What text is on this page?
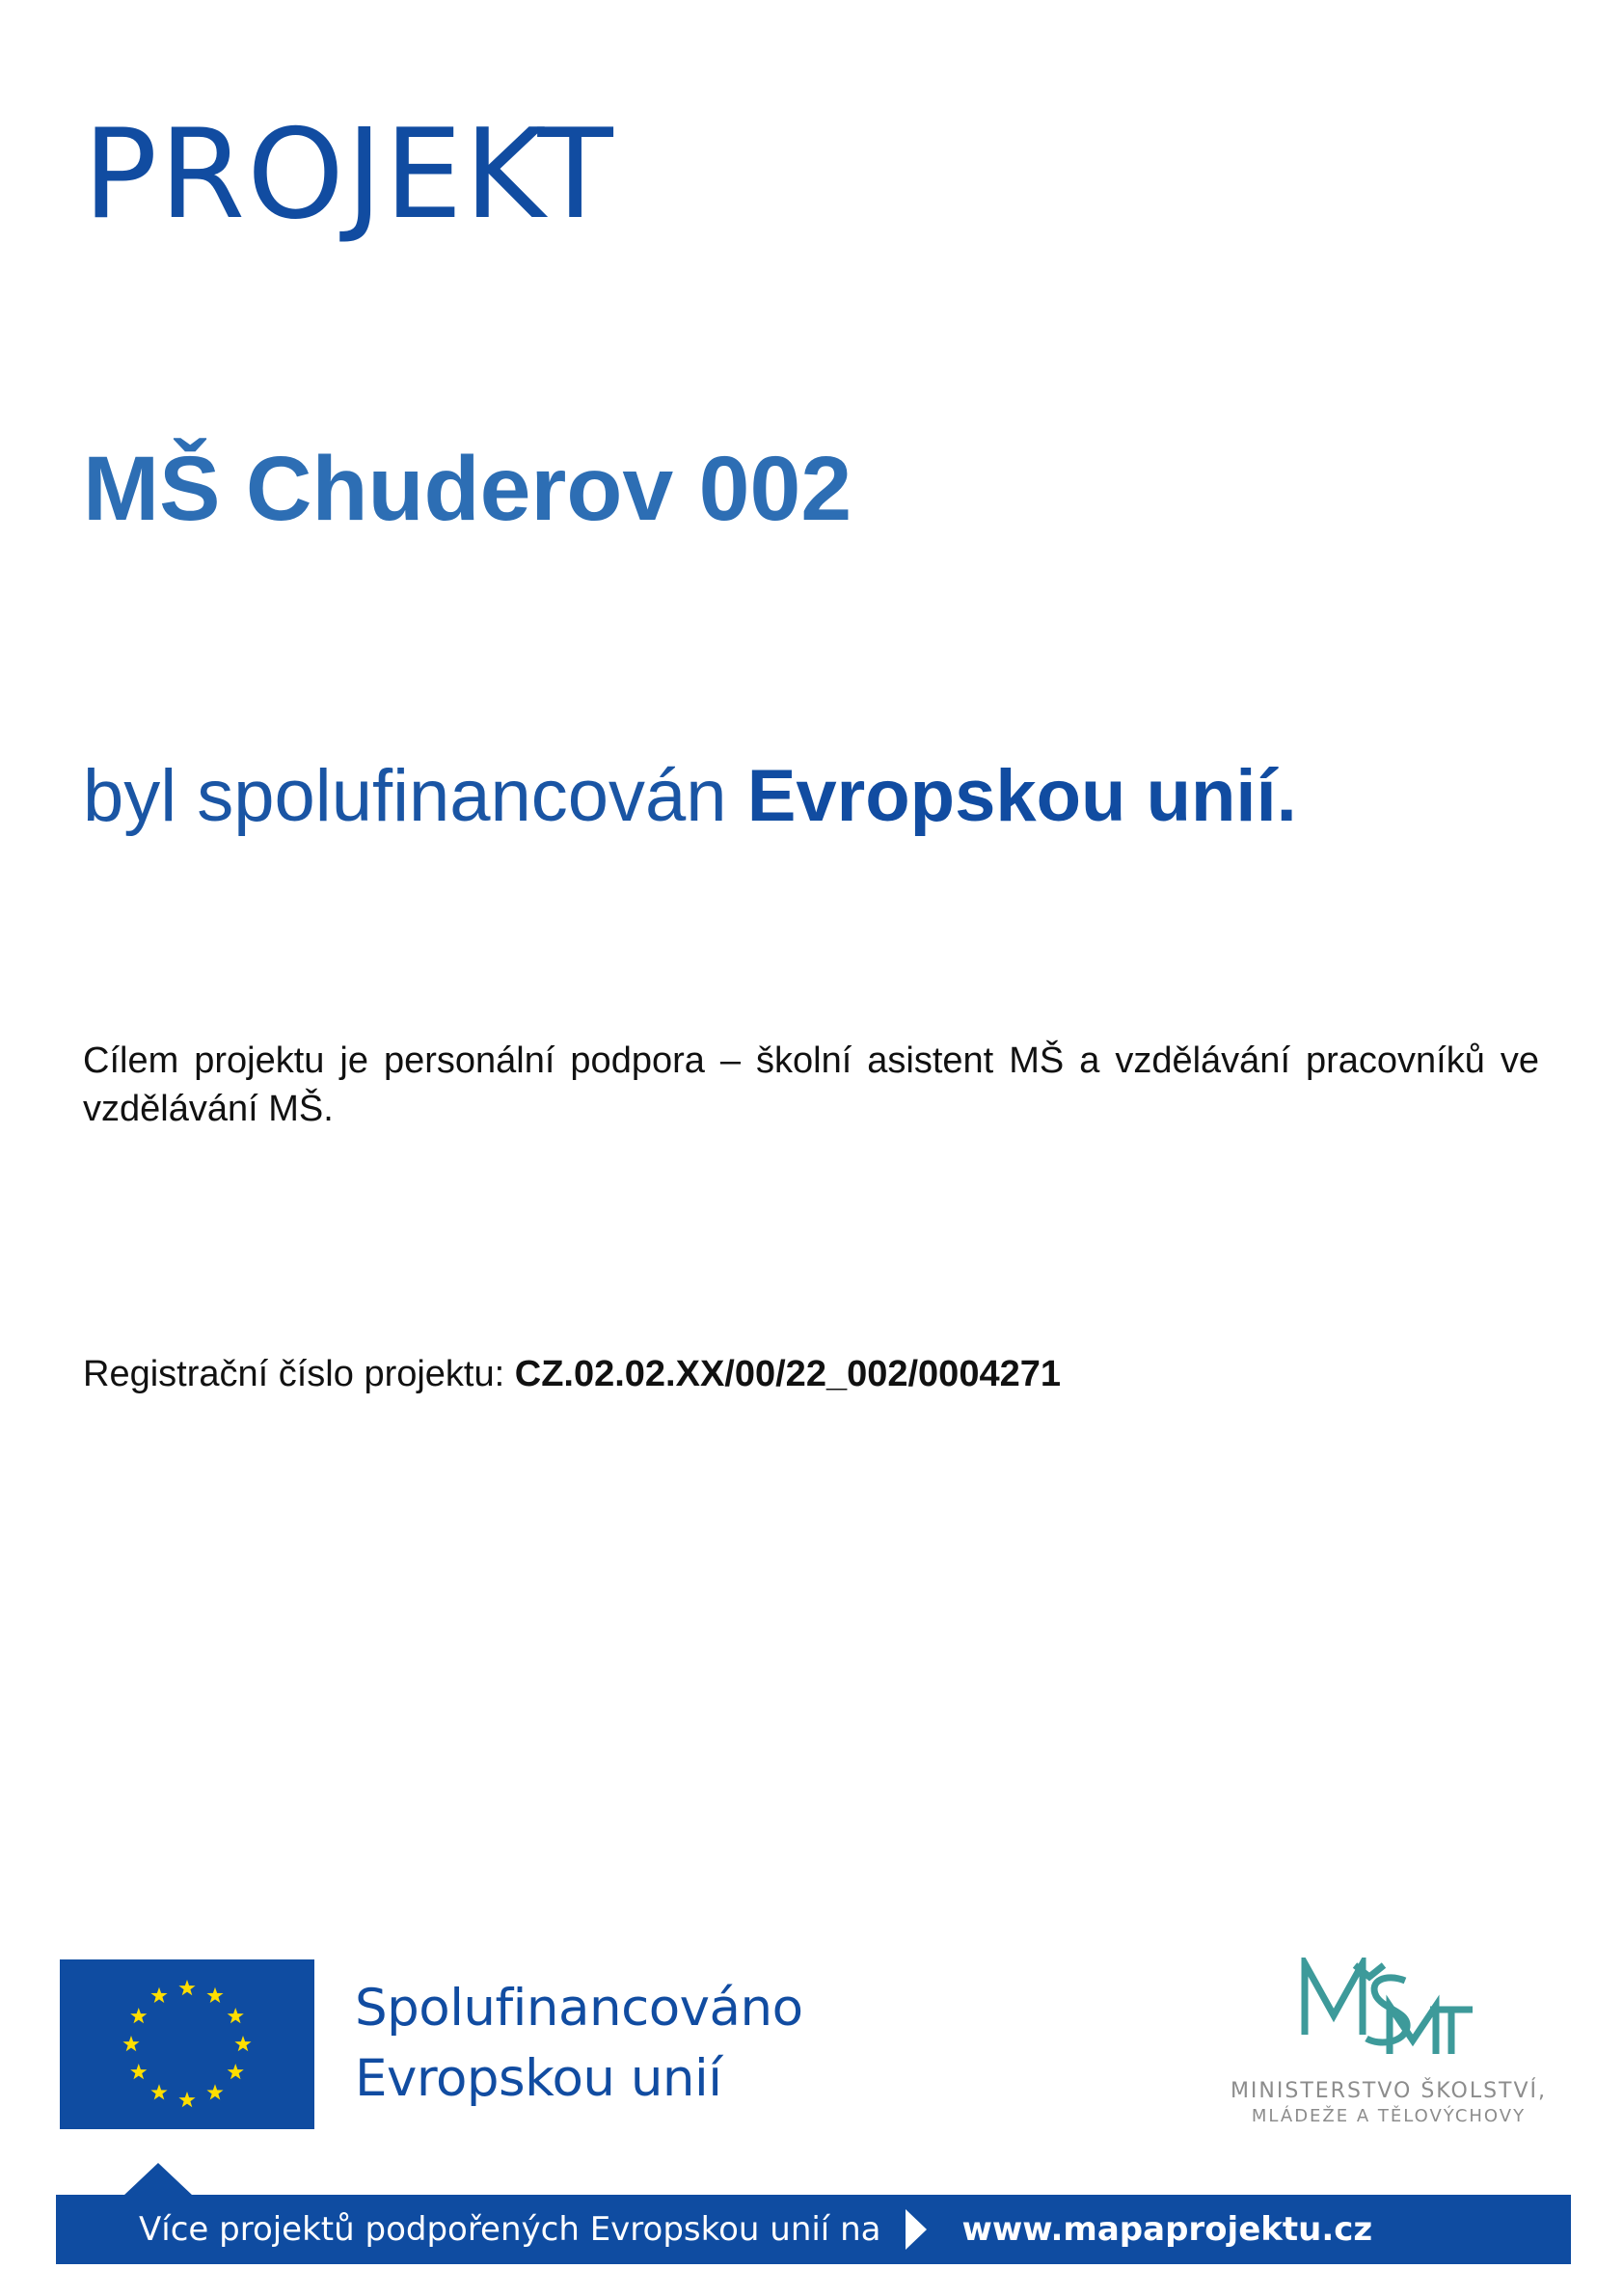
PROJEKT
MŠ Chuderov 002
byl spolufinancován Evropskou unií.
Cílem projektu je personální podpora – školní asistent MŠ a vzdělávání pracovníků ve vzdělávání MŠ.
Registrační číslo projektu: CZ.02.02.XX/00/22_002/0004271
Spolufinancováno
Evropskou unií	MINISTERSTVO ŠKOLSTVÍ,
MLÁDEŽE A TĚLOVÝCHOVY
Více projektů podpořených Evropskou unií na www.mapaprojektu.cz
